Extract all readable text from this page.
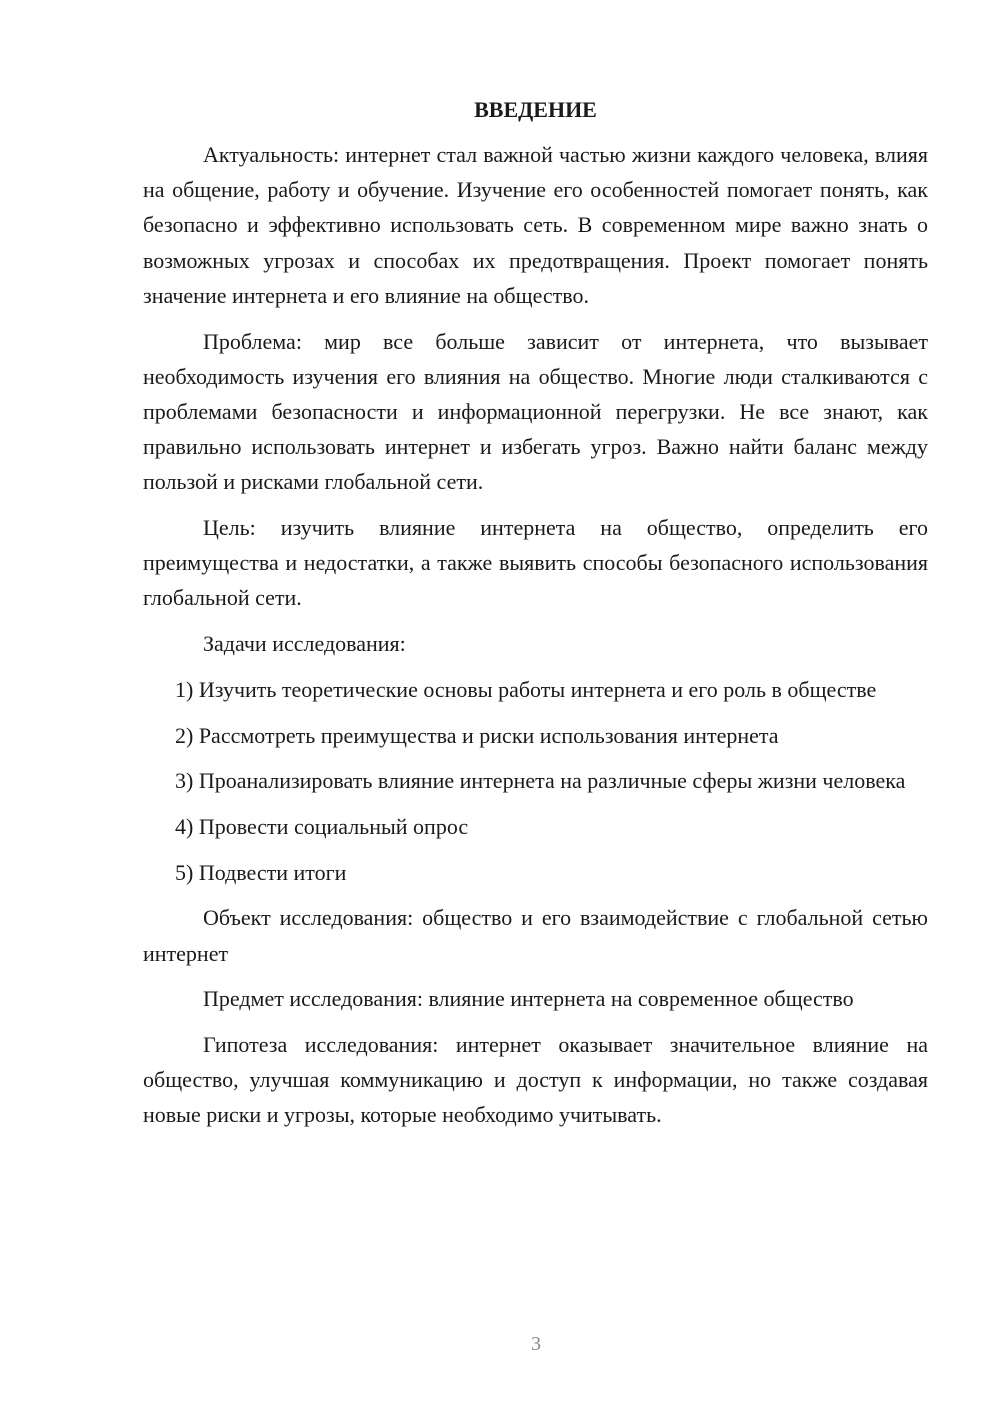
ВВЕДЕНИЕ

Актуальность: интернет стал важной частью жизни каждого человека, влияя на общение, работу и обучение. Изучение его особенностей помогает понять, как безопасно и эффективно использовать сеть. В современном мире важно знать о возможных угрозах и способах их предотвращения. Проект помогает понять значение интернета и его влияние на общество.

Проблема: мир все больше зависит от интернета, что вызывает необходимость изучения его влияния на общество. Многие люди сталкиваются с проблемами безопасности и информационной перегрузки. Не все знают, как правильно использовать интернет и избегать угроз. Важно найти баланс между пользой и рисками глобальной сети.

Цель: изучить влияние интернета на общество, определить его преимущества и недостатки, а также выявить способы безопасного использования глобальной сети.

Задачи исследования:

1) Изучить теоретические основы работы интернета и его роль в обществе

2) Рассмотреть преимущества и риски использования интернета

3) Проанализировать влияние интернета на различные сферы жизни человека

4) Провести социальный опрос

5) Подвести итоги

Объект исследования: общество и его взаимодействие с глобальной сетью интернет

Предмет исследования: влияние интернета на современное общество

Гипотеза исследования: интернет оказывает значительное влияние на общество, улучшая коммуникацию и доступ к информации, но также создавая новые риски и угрозы, которые необходимо учитывать.

3
